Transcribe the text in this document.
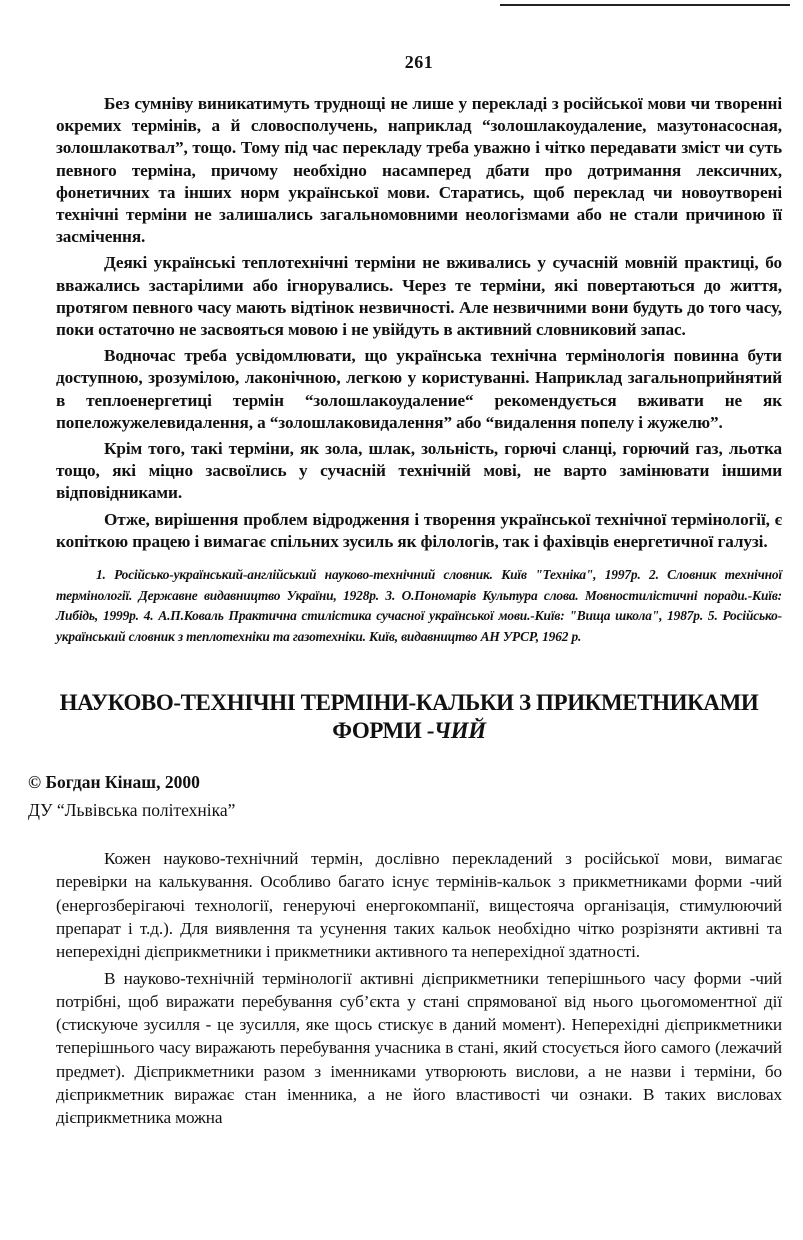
261

Без сумніву виникатимуть труднощі не лише у перекладі з російської мови чи творенні окремих термінів, а й словосполучень, наприклад “золошлакоудаление, мазутонасосная, золошлакотвал”, тощо. Тому під час перекладу треба уважно і чітко передавати зміст чи суть певного терміна, причому необхідно насамперед дбати про дотримання лексичних, фонетичних та інших норм української мови. Старатись, щоб переклад чи новоутворені технічні терміни не залишались загальномовними неологізмами або не стали причиною її засмічення.

Деякі українські теплотехнічні терміни не вживались у сучасній мовній практиці, бо вважались застарілими або ігнорувались. Через те терміни, які повертаються до життя, протягом певного часу мають відтінок незвичності. Але незвичними вони будуть до того часу, поки остаточно не засвояться мовою і не увійдуть в активний словниковий запас.

Водночас треба усвідомлювати, що українська технічна термінологія повинна бути доступною, зрозумілою, лаконічною, легкою у користуванні. Наприклад загальноприйнятий в теплоенергетиці термін “золошлакоудаление“ рекомендується вживати не як попеложужелевидалення, а “золошлаковидалення” або “видалення попелу і жужелю”.

Крім того, такі терміни, як зола, шлак, зольність, горючі сланці, горючий газ, льотка тощо, які міцно засвоїлись у сучасній технічній мові, не варто замінювати іншими відповідниками.

Отже, вирішення проблем відродження і творення української технічної термінології, є копіткою працею і вимагає спільних зусиль як філологів, так і фахівців енергетичної галузі.

1. Російсько-український-англійський науково-технічний словник. Київ "Техніка", 1997р. 2. Словник технічної термінології. Державне видавництво України, 1928р. 3. О.Пономарів Культура слова. Мовностилістичні поради.-Київ: Либідь, 1999р. 4. А.П.Коваль Практична стилістика сучасної української мови.-Київ: "Вища школа", 1987р. 5. Російсько-український словник з теплотехніки та газотехніки. Київ, видавництво АН УРСР, 1962 р.

НАУКОВО-ТЕХНІЧНІ ТЕРМІНИ-КАЛЬКИ З ПРИКМЕТНИКАМИ
ФОРМИ -ЧИЙ
© Богдан Кінаш, 2000
ДУ “Львівська політехніка”

Кожен науково-технічний термін, дослівно перекладений з російської мови, вимагає перевірки на калькування. Особливо багато існує термінів-кальок з прикметниками форми -чий (енергозберігаючі технології, генеруючі енергокомпанії, вищестояча організація, стимулюючий препарат і т.д.). Для виявлення та усунення таких кальок необхідно чітко розрізняти активні та неперехідні дієприкметники і прикметники активного та неперехідної здатності.

В науково-технічній термінології активні дієприкметники теперішнього часу форми -чий потрібні, щоб виражати перебування суб’єкта у стані спрямованої від нього цьогомоментної дії (стискуюче зусилля - це зусилля, яке щось стискує в даний момент). Неперехідні дієприкметники теперішнього часу виражають перебування учасника в стані, який стосується його самого (лежачий предмет). Дієприкметники разом з іменниками утворюють вислови, а не назви і терміни, бо дієприкметник виражає стан іменника, а не його властивості чи ознаки. В таких висловах дієприкметника можна
